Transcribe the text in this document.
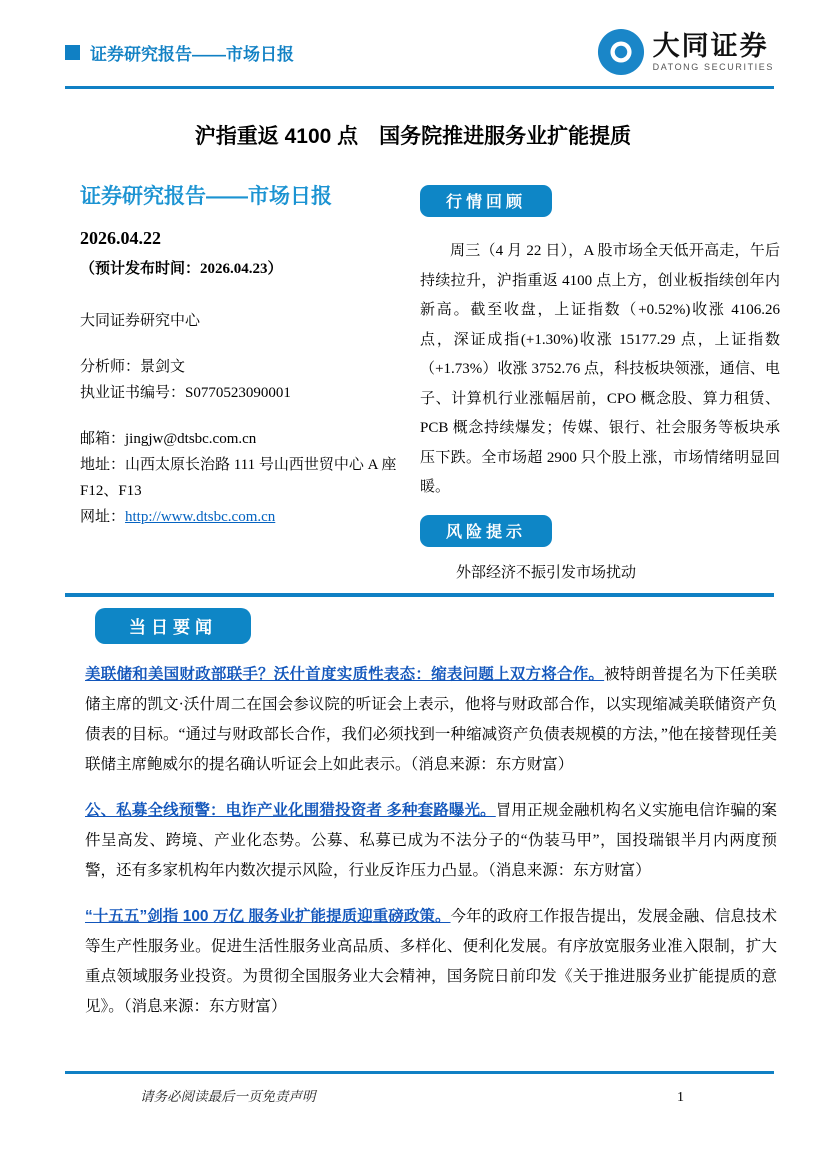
证券研究报告——市场日报	大同证券
DATONG SECURITIES
沪指重返 4100 点　国务院推进服务业扩能提质
证券研究报告——市场日报
2026.04.22
（预计发布时间：2026.04.23）
大同证券研究中心
分析师：景剑文
执业证书编号：S0770523090001
邮箱：jingjw@dtsbc.com.cn
地址：山西太原长治路 111 号山西世贸中心 A 座 F12、F13
网址：http://www.dtsbc.com.cn
行情回顾

周三（4 月 22 日），A 股市场全天低开高走，午后持续拉升，沪指重返 4100 点上方，创业板指续创年内新高。截至收盘，上证指数（+0.52%)收涨 4106.26 点，深证成指(+1.30%)收涨 15177.29 点，上证指数（+1.73%）收涨 3752.76 点，科技板块领涨，通信、电子、计算机行业涨幅居前，CPO 概念股、算力租赁、PCB 概念持续爆发；传媒、银行、社会服务等板块承压下跌。全市场超 2900 只个股上涨，市场情绪明显回暖。

风险提示

外部经济不振引发市场扰动

当日要闻

美联储和美国财政部联手？沃什首度实质性表态：缩表问题上双方将合作。被特朗普提名为下任美联储主席的凯文·沃什周二在国会参议院的听证会上表示，他将与财政部合作，以实现缩减美联储资产负债表的目标。“通过与财政部长合作，我们必须找到一种缩减资产负债表规模的方法，”他在接替现任美联储主席鲍威尔的提名确认听证会上如此表示。（消息来源：东方财富）

公、私募全线预警：电诈产业化围猎投资者 多种套路曝光。冒用正规金融机构名义实施电信诈骗的案件呈高发、跨境、产业化态势。公募、私募已成为不法分子的“伪装马甲”，国投瑞银半月内两度预警，还有多家机构年内数次提示风险，行业反诈压力凸显。（消息来源：东方财富）

“十五五”剑指 100 万亿 服务业扩能提质迎重磅政策。今年的政府工作报告提出，发展金融、信息技术等生产性服务业。促进生活性服务业高品质、多样化、便利化发展。有序放宽服务业准入限制，扩大重点领域服务业投资。为贯彻全国服务业大会精神，国务院日前印发《关于推进服务业扩能提质的意见》。（消息来源：东方财富）

请务必阅读最后一页免责声明	1
